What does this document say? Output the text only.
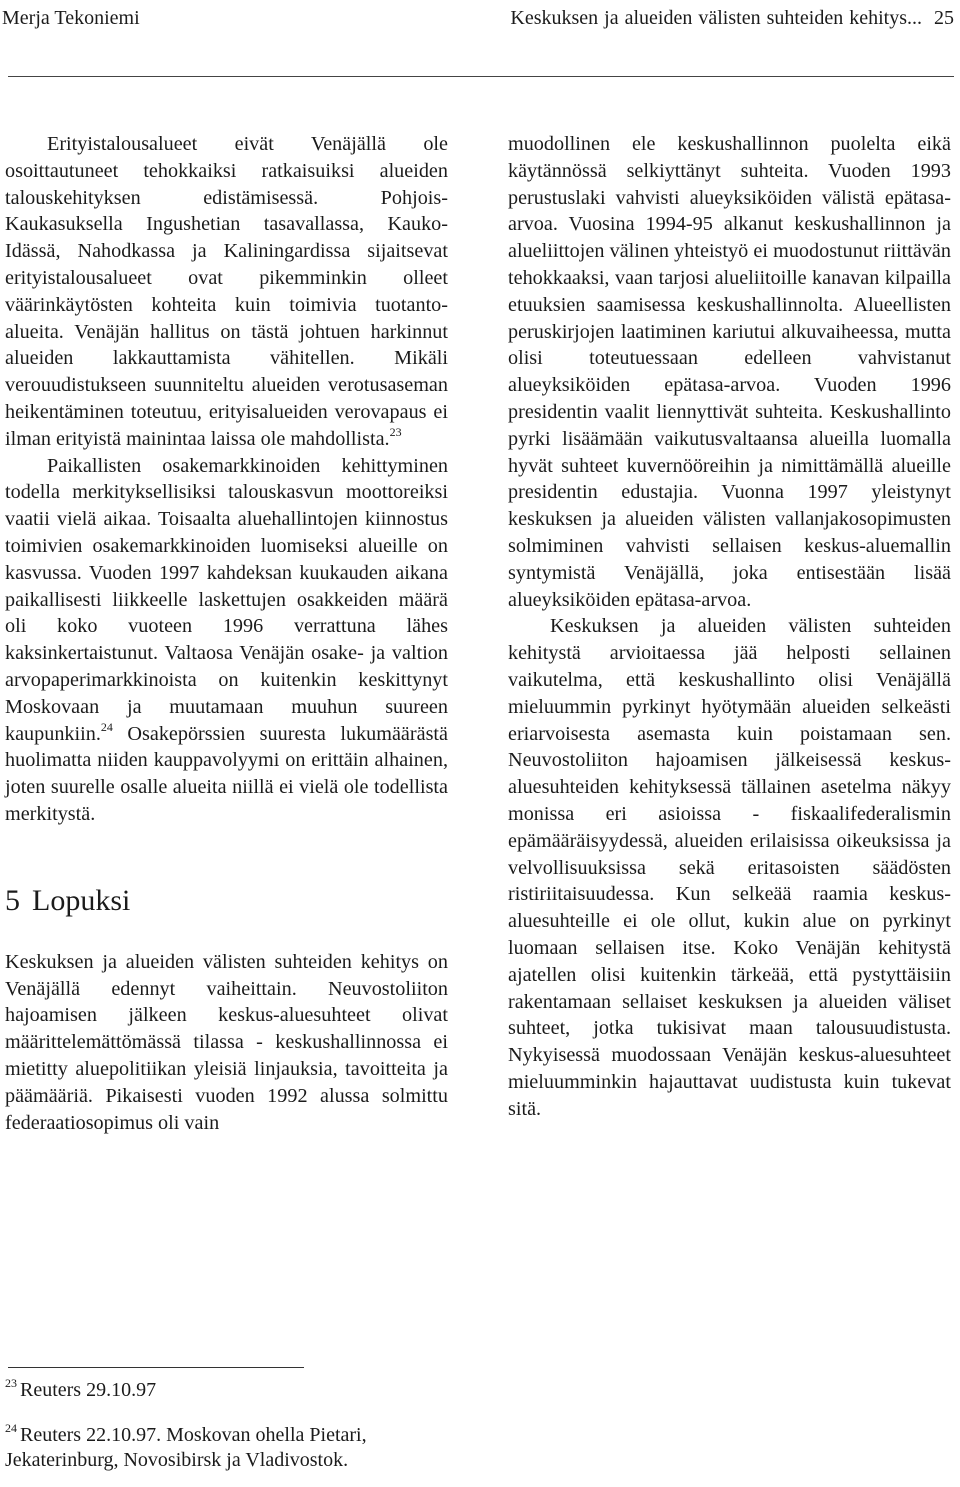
Merja Tekoniemi	Keskuksen ja alueiden välisten suhteiden kehitys... 25

Erityistalousalueet eivät Venäjällä ole osoittautuneet tehokkaiksi ratkaisuiksi alueiden talouskehityksen edistämisessä. Pohjois-Kaukasuksella Ingushetian tasavallassa, Kauko-Idässä, Nahodkassa ja Kaliningardissa sijaitsevat erityistalousalueet ovat pikemminkin olleet väärinkäytösten kohteita kuin toimivia tuotanto-alueita. Venäjän hallitus on tästä johtuen harkinnut alueiden lakkauttamista vähitellen. Mikäli verouudistukseen suunniteltu alueiden verotusaseman heikentäminen toteutuu, erityisalueiden verovapaus ei ilman erityistä mainintaa laissa ole mahdollista.$^{23}$

Paikallisten osakemarkkinoiden kehittyminen todella merkityksellisiksi talouskasvun moottoreiksi vaatii vielä aikaa. Toisaalta aluehallintojen kiinnostus toimivien osakemarkkinoiden luomiseksi alueille on kasvussa. Vuoden 1997 kahdeksan kuukauden aikana paikallisesti liikkeelle laskettujen osakkeiden määrä oli koko vuoteen 1996 verrattuna lähes kaksinkertaistunut. Valtaosa Venäjän osake- ja valtion arvopaperimarkkinoista on kuitenkin keskittynyt Moskovaan ja muutamaan muuhun suureen kaupunkiin.$^{24}$ Osakepörssien suuresta lukumäärästä huolimatta niiden kauppavolyymi on erittäin alhainen, joten suurelle osalle alueita niillä ei vielä ole todellista merkitystä.

5 Lopuksi

Keskuksen ja alueiden välisten suhteiden kehitys on Venäjällä edennyt vaiheittain. Neuvostoliiton hajoamisen jälkeen keskus-aluesuhteet olivat määrittelemättömässä tilassa - keskushallinnossa ei mietitty aluepolitiikan yleisiä linjauksia, tavoitteita ja päämääriä. Pikaisesti vuoden 1992 alussa solmittu federaatiosopimus oli vain

muodollinen ele keskushallinnon puolelta eikä käytännössä selkiyttänyt suhteita. Vuoden 1993 perustuslaki vahvisti alueyksiköiden välistä epätasa-arvoa. Vuosina 1994-95 alkanut keskushallinnon ja alueliittojen välinen yhteistyö ei muodostunut riittävän tehokkaaksi, vaan tarjosi alueliitoille kanavan kilpailla etuuksien saamisessa keskushallinnolta. Alueellisten peruskirjojen laatiminen kariutui alkuvaiheessa, mutta olisi toteutuessaan edelleen vahvistanut alueyksiköiden epätasa-arvoa. Vuoden 1996 presidentin vaalit liennyttivät suhteita. Keskushallinto pyrki lisäämään vaikutusvaltaansa alueilla luomalla hyvät suhteet kuvernööreihin ja nimittämällä alueille presidentin edustajia. Vuonna 1997 yleistynyt keskuksen ja alueiden välisten vallanjakosopimusten solmiminen vahvisti sellaisen keskus-aluemallin syntymistä Venäjällä, joka entisestään lisää alueyksiköiden epätasa-arvoa.

Keskuksen ja alueiden välisten suhteiden kehitystä arvioitaessa jää helposti sellainen vaikutelma, että keskushallinto olisi Venäjällä mieluummin pyrkinyt hyötymään alueiden selkeästi eriarvoisesta asemasta kuin poistamaan sen. Neuvostoliiton hajoamisen jälkeisessä keskus-aluesuhteiden kehityksessä tällainen asetelma näkyy monissa eri asioissa - fiskaalifederalismin epämääräisyydessä, alueiden erilaisissa oikeuksissa ja velvollisuuksissa sekä eritasoisten säädösten ristiriitaisuudessa. Kun selkeää raamia keskus-aluesuhteille ei ole ollut, kukin alue on pyrkinyt luomaan sellaisen itse. Koko Venäjän kehitystä ajatellen olisi kuitenkin tärkeää, että pystyttäisiin rakentamaan sellaiset keskuksen ja alueiden väliset suhteet, jotka tukisivat maan talousuudistusta. Nykyisessä muodossaan Venäjän keskus-aluesuhteet mieluumminkin hajauttavat uudistusta kuin tukevat sitä.

$^{23}$ Reuters 29.10.97

$^{24}$ Reuters 22.10.97. Moskovan ohella Pietari, Jekaterinburg, Novosibirsk ja Vladivostok.
